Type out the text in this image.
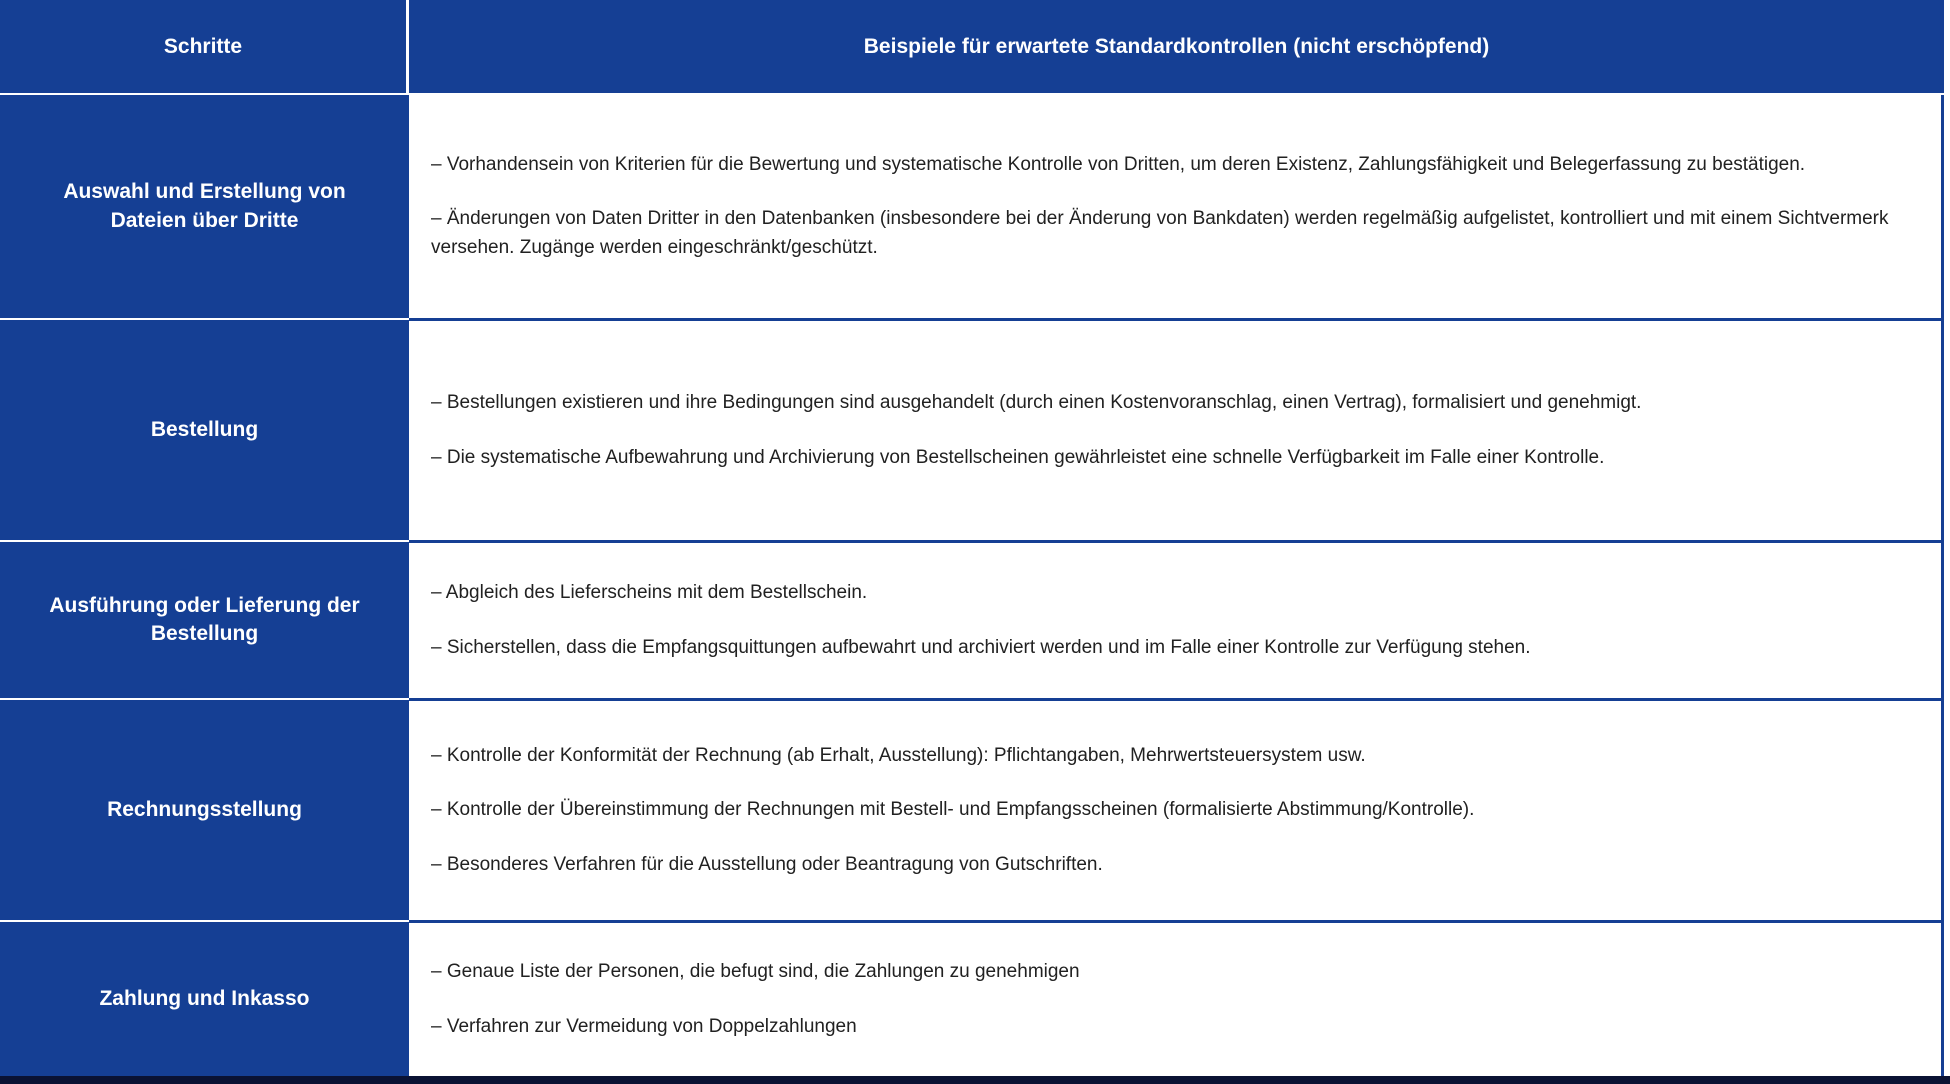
Schritte	Beispiele für erwartete Standardkontrollen (nicht erschöpfend)
Auswahl und Erstellung von Dateien über Dritte

– Vorhandensein von Kriterien für die Bewertung und systematische Kontrolle von Dritten, um deren Existenz, Zahlungsfähigkeit und Belegerfassung zu bestätigen.

– Änderungen von Daten Dritter in den Datenbanken (insbesondere bei der Änderung von Bankdaten) werden regelmäßig aufgelistet, kontrolliert und mit einem Sichtvermerk versehen. Zugänge werden eingeschränkt/geschützt.

Bestellung

– Bestellungen existieren und ihre Bedingungen sind ausgehandelt (durch einen Kostenvoranschlag, einen Vertrag), formalisiert und genehmigt.

– Die systematische Aufbewahrung und Archivierung von Bestellscheinen gewährleistet eine schnelle Verfügbarkeit im Falle einer Kontrolle.

Ausführung oder Lieferung der Bestellung

– Abgleich des Lieferscheins mit dem Bestellschein.

– Sicherstellen, dass die Empfangsquittungen aufbewahrt und archiviert werden und im Falle einer Kontrolle zur Verfügung stehen.

Rechnungsstellung

– Kontrolle der Konformität der Rechnung (ab Erhalt, Ausstellung): Pflichtangaben, Mehrwertsteuersystem usw.

– Kontrolle der Übereinstimmung der Rechnungen mit Bestell- und Empfangsscheinen (formalisierte Abstimmung/Kontrolle).

– Besonderes Verfahren für die Ausstellung oder Beantragung von Gutschriften.

Zahlung und Inkasso

– Genaue Liste der Personen, die befugt sind, die Zahlungen zu genehmigen

– Verfahren zur Vermeidung von Doppelzahlungen
